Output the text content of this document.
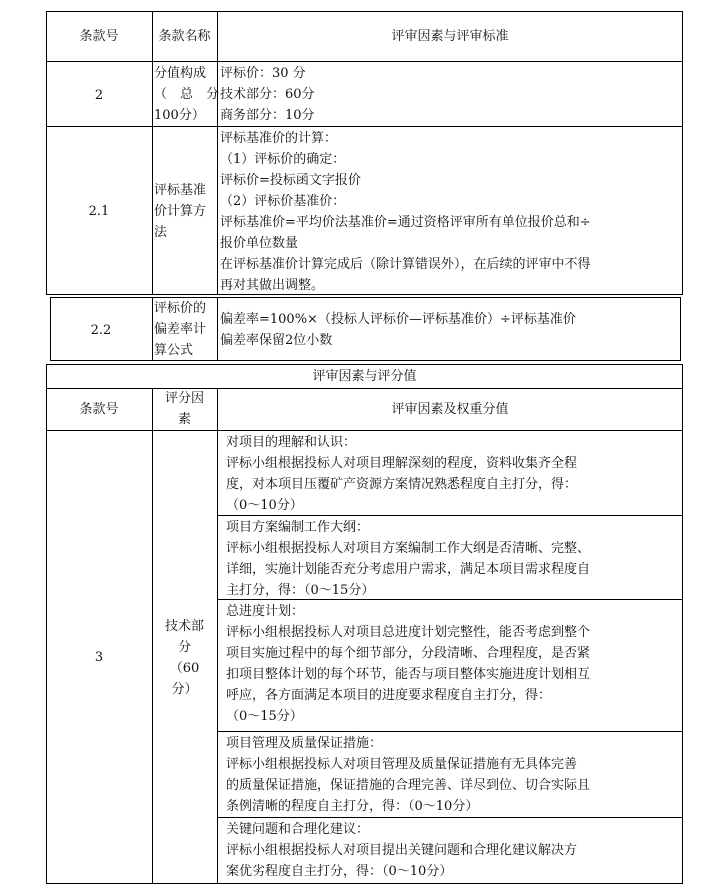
条款号	条款名称	评审因素与评审标准
2
分值构成
（　总　分
100分）
评标价：30 分
技术部分：60分
商务部分：10分
2.1
评标基准
价计算方
法
评标基准价的计算：
（1）评标价的确定：
评标价=投标函文字报价
（2）评标价基准价：
评标基准价=平均价法基准价=通过资格评审所有单位报价总和÷
报价单位数量
在评标基准价计算完成后（除计算错误外），在后续的评审中不得
再对其做出调整。
2.2
评标价的
偏差率计
算公式
偏差率=100%×（投标人评标价—评标基准价）÷评标基准价
偏差率保留2位小数
评审因素与评分值
条款号
评分因
素
评审因素及权重分值
3
技术部
分
（60
分）
对项目的理解和认识：
评标小组根据投标人对项目理解深刻的程度，资料收集齐全程
度，对本项目压覆矿产资源方案情况熟悉程度自主打分，得：
（0～10分）
项目方案编制工作大纲：
评标小组根据投标人对项目方案编制工作大纲是否清晰、完整、
详细，实施计划能否充分考虑用户需求，满足本项目需求程度自
主打分，得：（0～15分）
总进度计划：
评标小组根据投标人对项目总进度计划完整性，能否考虑到整个
项目实施过程中的每个细节部分，分段清晰、合理程度，是否紧
扣项目整体计划的每个环节，能否与项目整体实施进度计划相互
呼应，各方面满足本项目的进度要求程度自主打分，得：
（0～15分）
项目管理及质量保证措施：
评标小组根据投标人对项目管理及质量保证措施有无具体完善
的质量保证措施，保证措施的合理完善、详尽到位、切合实际且
条例清晰的程度自主打分，得：（0～10分）
关键问题和合理化建议：
评标小组根据投标人对项目提出关键问题和合理化建议解决方
案优劣程度自主打分，得：（0～10分）
